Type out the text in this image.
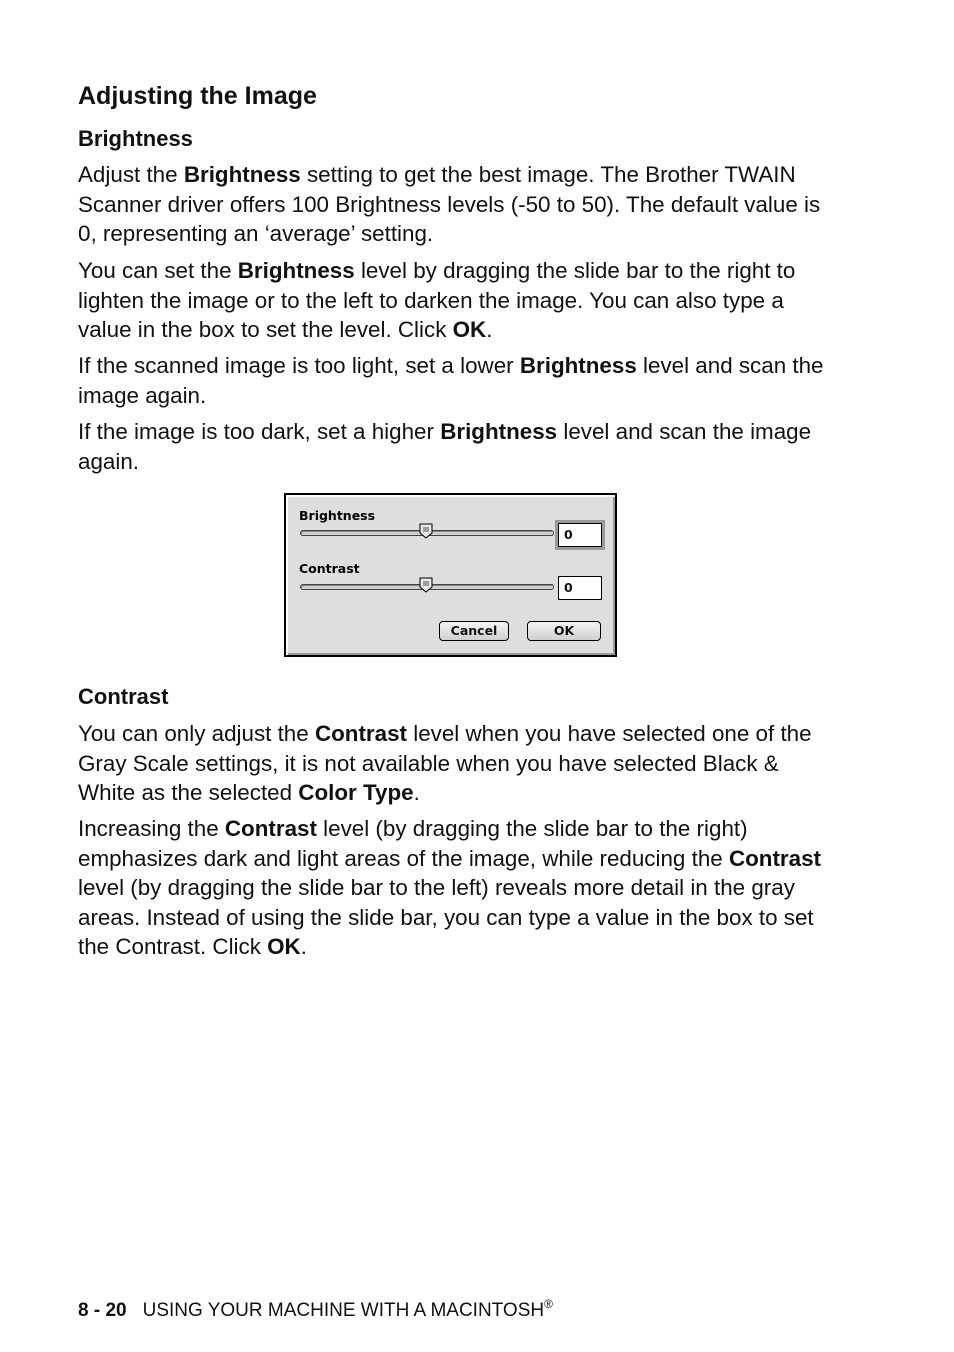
Adjusting the Image
Brightness

Adjust the Brightness setting to get the best image. The Brother TWAIN Scanner driver offers 100 Brightness levels (-50 to 50). The default value is 0, representing an ‘average’ setting.

You can set the Brightness level by dragging the slide bar to the right to lighten the image or to the left to darken the image. You can also type a value in the box to set the level. Click OK.

If the scanned image is too light, set a lower Brightness level and scan the image again.

If the image is too dark, set a higher Brightness level and scan the image again.

Contrast

You can only adjust the Contrast level when you have selected one of the Gray Scale settings, it is not available when you have selected Black & White as the selected Color Type.

Increasing the Contrast level (by dragging the slide bar to the right) emphasizes dark and light areas of the image, while reducing the Contrast level (by dragging the slide bar to the left) reveals more detail in the gray areas. Instead of using the slide bar, you can type a value in the box to set the Contrast. Click OK.

Brightness
0
Contrast
0
Cancel	OK
8 - 20 USING YOUR MACHINE WITH A MACINTOSH®
